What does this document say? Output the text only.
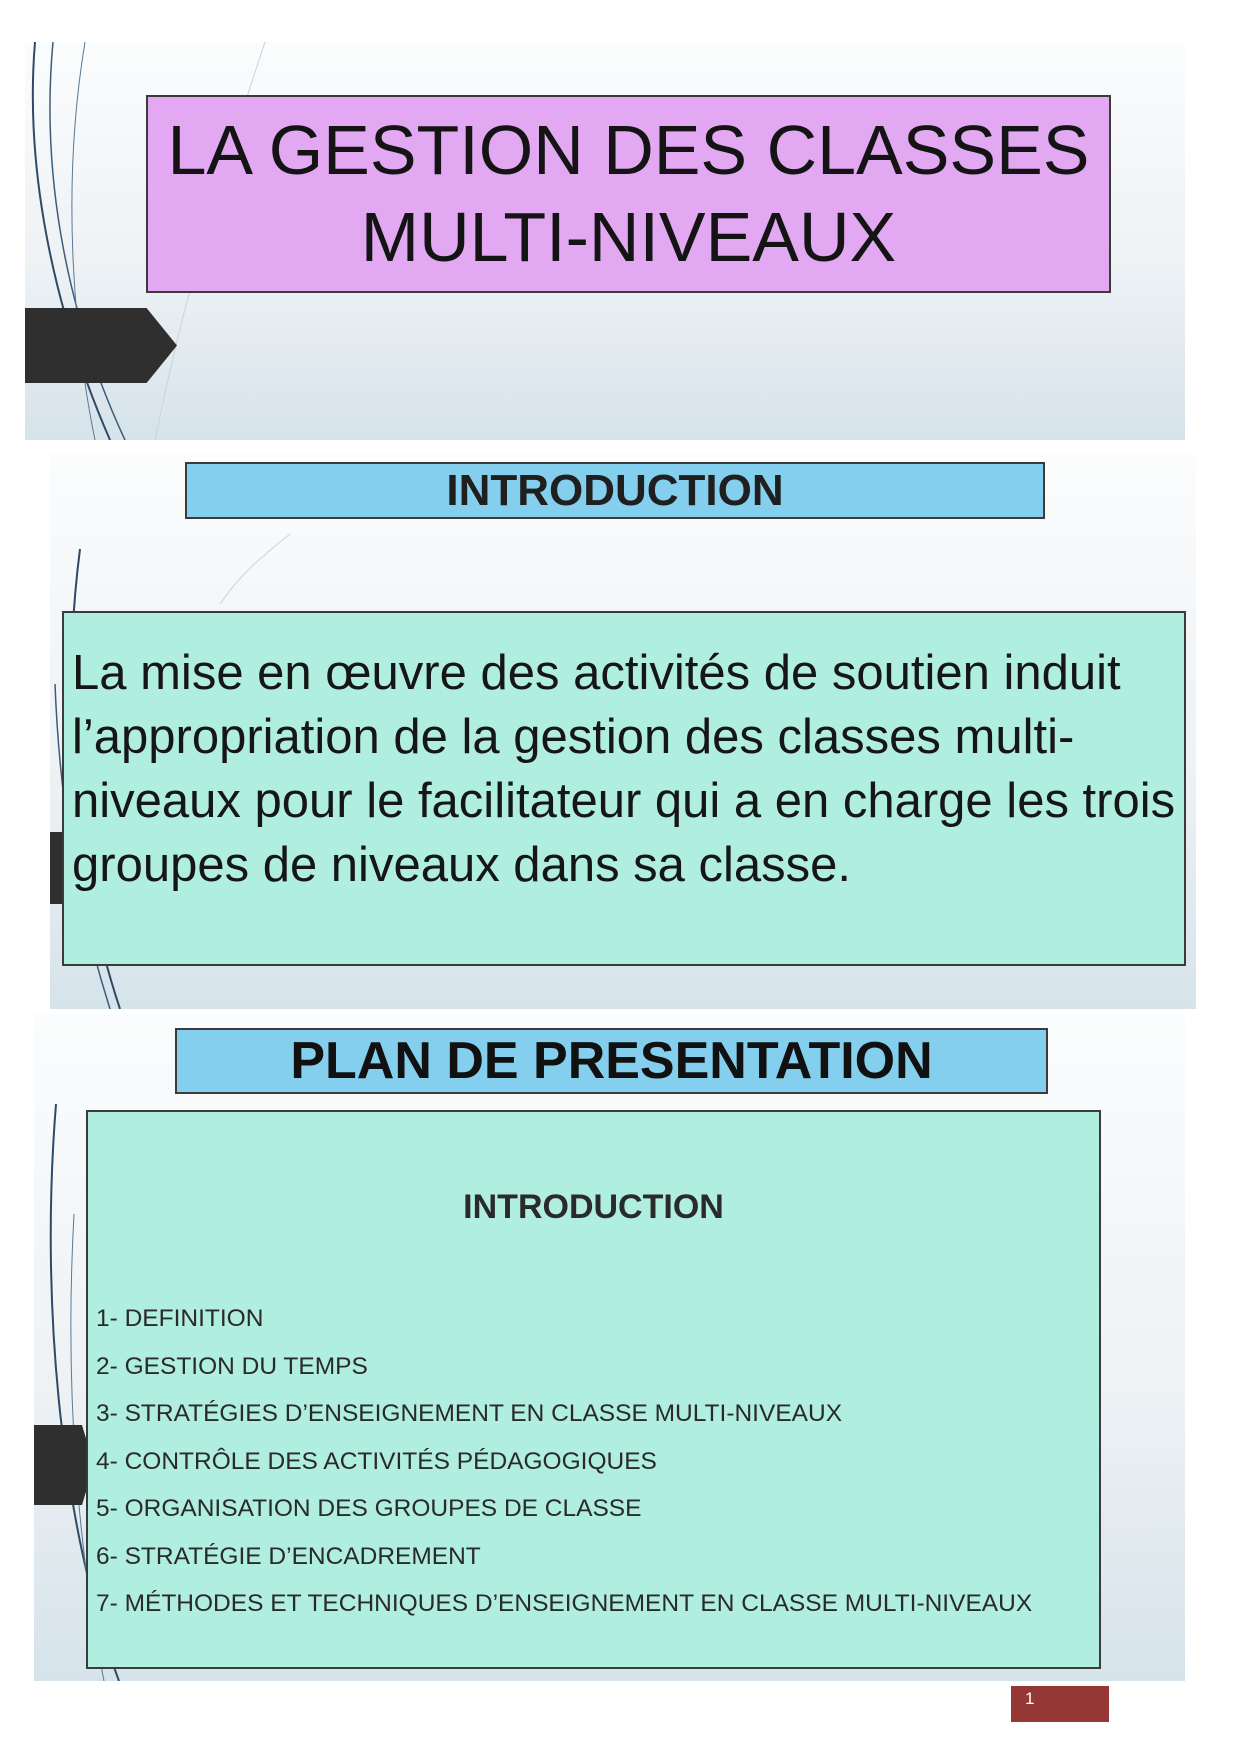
LA GESTION DES CLASSES MULTI-NIVEAUX
INTRODUCTION
La mise en œuvre des activités de soutien induit l’appropriation de la gestion des classes multi-niveaux pour le facilitateur qui a en charge les trois groupes de niveaux dans sa classe.
PLAN DE PRESENTATION
INTRODUCTION
1- DEFINITION
2- GESTION DU TEMPS
3- STRATÉGIES D’ENSEIGNEMENT EN CLASSE MULTI-NIVEAUX
4- CONTRÔLE DES ACTIVITÉS PÉDAGOGIQUES
5- ORGANISATION DES GROUPES DE CLASSE
6- STRATÉGIE D’ENCADREMENT
7- MÉTHODES ET TECHNIQUES D’ENSEIGNEMENT EN CLASSE MULTI-NIVEAUX
1
